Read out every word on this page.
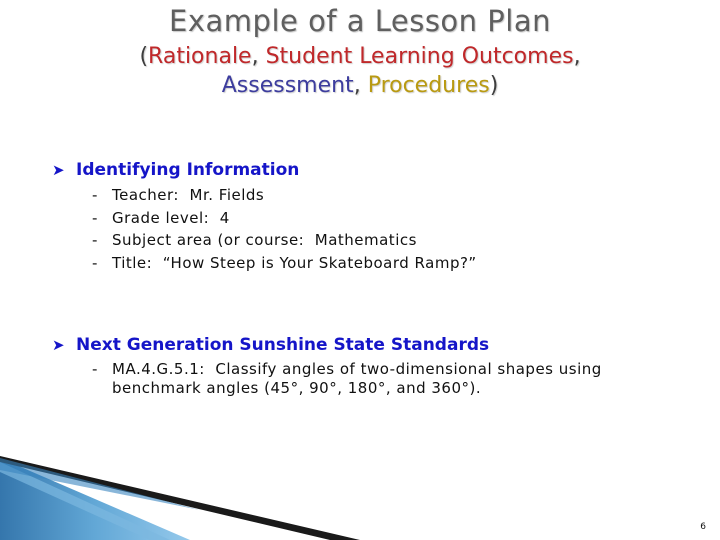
Example of a Lesson Plan
(Rationale, Student Learning Outcomes,
Assessment, Procedures)
➤ Identifying Information
- Teacher:  Mr. Fields
- Grade level:  4
- Subject area (or course:  Mathematics
- Title:  “How Steep is Your Skateboard Ramp?”
➤ Next Generation Sunshine State Standards
- MA.4.G.5.1:  Classify angles of two-dimensional shapes using
benchmark angles (45°, 90°, 180°, and 360°).
6
